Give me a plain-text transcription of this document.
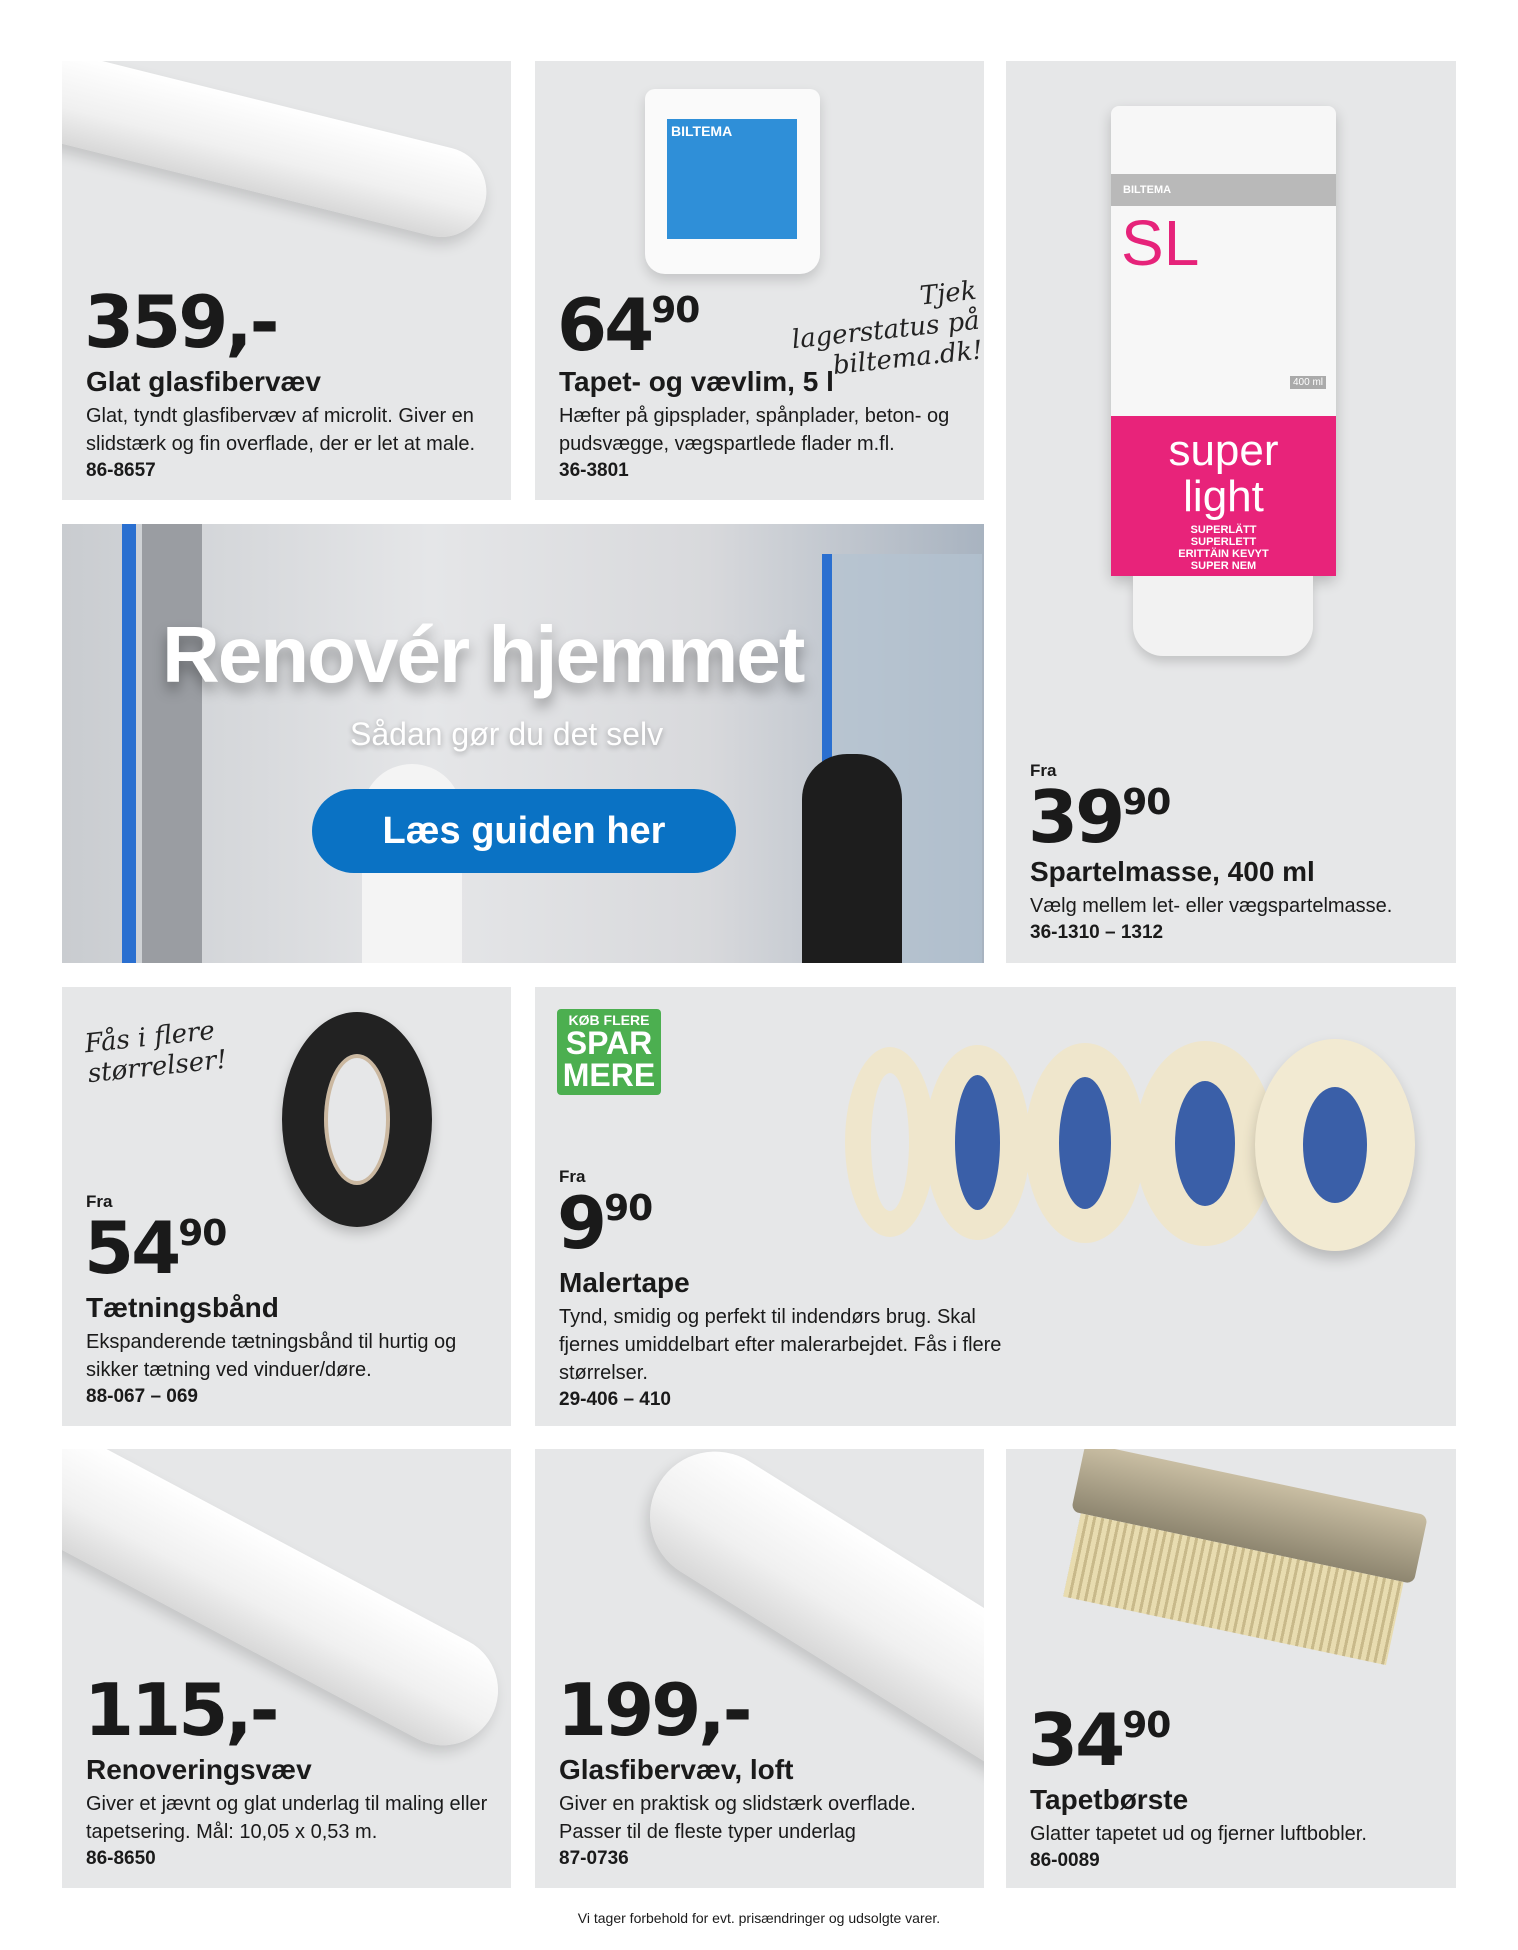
359,-
Glat glasfibervæv
Glat, tyndt glasfibervæv af microlit. Giver en slidstærk og fin overflade, der er let at male.
86-8657
BILTEMA
$64^{90}$	Tjek lagerstatus på biltema.dk!
Tapet- og vævlim, 5 l
Hæfter på gipsplader, spånplader, beton- og pudsvægge, vægspartlede flader m.fl.
36-3801
BILTEMA
SL
400 ml
super
light
SUPERLÄTT SUPERLETT ERITTÄIN KEVYT SUPER NEM
Fra
$39^{90}$
Spartelmasse, 400 ml
Vælg mellem let- eller vægspartelmasse.
36-1310 – 1312
Renovér hjemmet
Sådan gør du det selv
Læs guiden her
Fås i flere størrelser!
Fra
$54^{90}$
Tætningsbånd
Ekspanderende tætningsbånd til hurtig og sikker tætning ved vinduer/døre.
88-067 – 069
KØB FLERE
SPAR
MERE
Fra
$9^{90}$
Malertape
Tynd, smidig og perfekt til indendørs brug. Skal fjernes umiddelbart efter malerarbejdet. Fås i flere størrelser.
29-406 – 410
115,-
Renoveringsvæv
Giver et jævnt og glat underlag til maling eller tapetsering. Mål: 10,05 x 0,53 m.
86-8650
199,-
Glasfibervæv, loft
Giver en praktisk og slidstærk overflade. Passer til de fleste typer underlag
87-0736
$34^{90}$
Tapetbørste
Glatter tapetet ud og fjerner luftbobler.
86-0089
Vi tager forbehold for evt. prisændringer og udsolgte varer.
